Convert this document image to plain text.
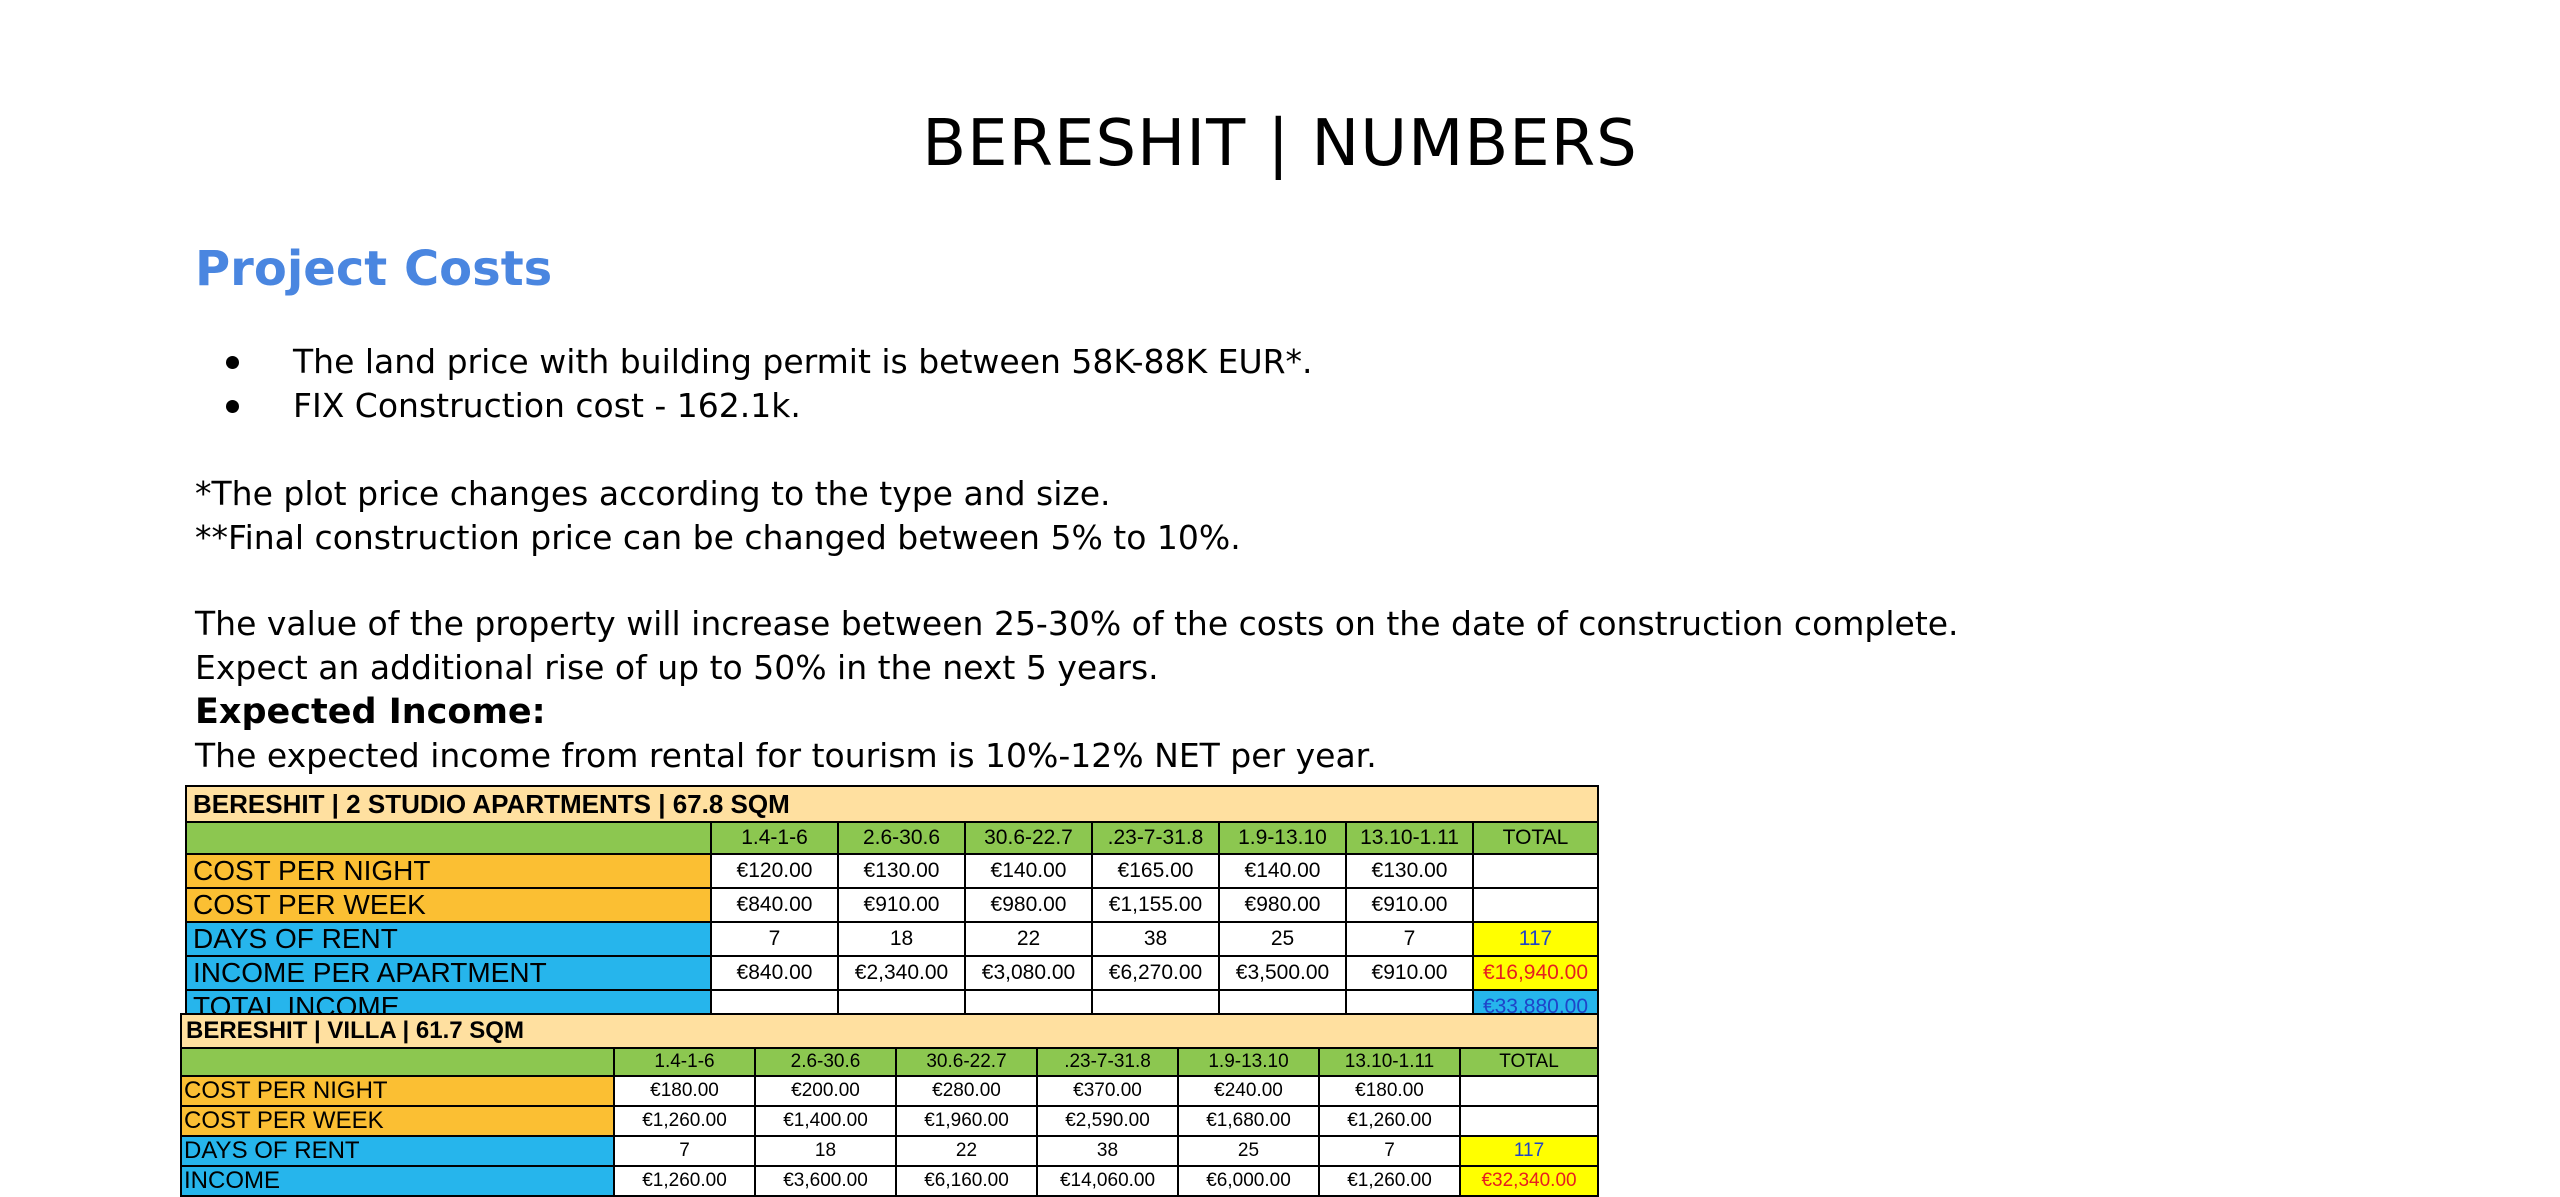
BERESHIT | NUMBERS
Project Costs
The land price with building permit is between 58K-88K EUR*.
FIX Construction cost - 162.1k.
*The plot price changes according to the type and size.
**Final construction price can be changed between 5% to 10%.
The value of the property will increase between 25-30% of the costs on the date of construction complete.
Expect an additional rise of up to 50% in the next 5 years.
Expected Income:
The expected income from rental for tourism is 10%-12% NET per year.
BERESHIT | 2 STUDIO APARTMENTS | 67.8 SQM							
	1.4-1-6	2.6-30.6	30.6-22.7	.23-7-31.8	1.9-13.10	13.10-1.11	TOTAL
COST PER NIGHT	€120.00	€130.00	€140.00	€165.00	€140.00	€130.00	
COST PER WEEK	€840.00	€910.00	€980.00	€1,155.00	€980.00	€910.00	
DAYS OF RENT	7	18	22	38	25	7	117
INCOME PER APARTMENT	€840.00	€2,340.00	€3,080.00	€6,270.00	€3,500.00	€910.00	€16,940.00
TOTAL INCOME							€33,880.00
BERESHIT | VILLA | 61.7 SQM							
	1.4-1-6	2.6-30.6	30.6-22.7	.23-7-31.8	1.9-13.10	13.10-1.11	TOTAL
COST PER NIGHT	€180.00	€200.00	€280.00	€370.00	€240.00	€180.00	
COST PER WEEK	€1,260.00	€1,400.00	€1,960.00	€2,590.00	€1,680.00	€1,260.00	
DAYS OF RENT	7	18	22	38	25	7	117
INCOME	€1,260.00	€3,600.00	€6,160.00	€14,060.00	€6,000.00	€1,260.00	€32,340.00
